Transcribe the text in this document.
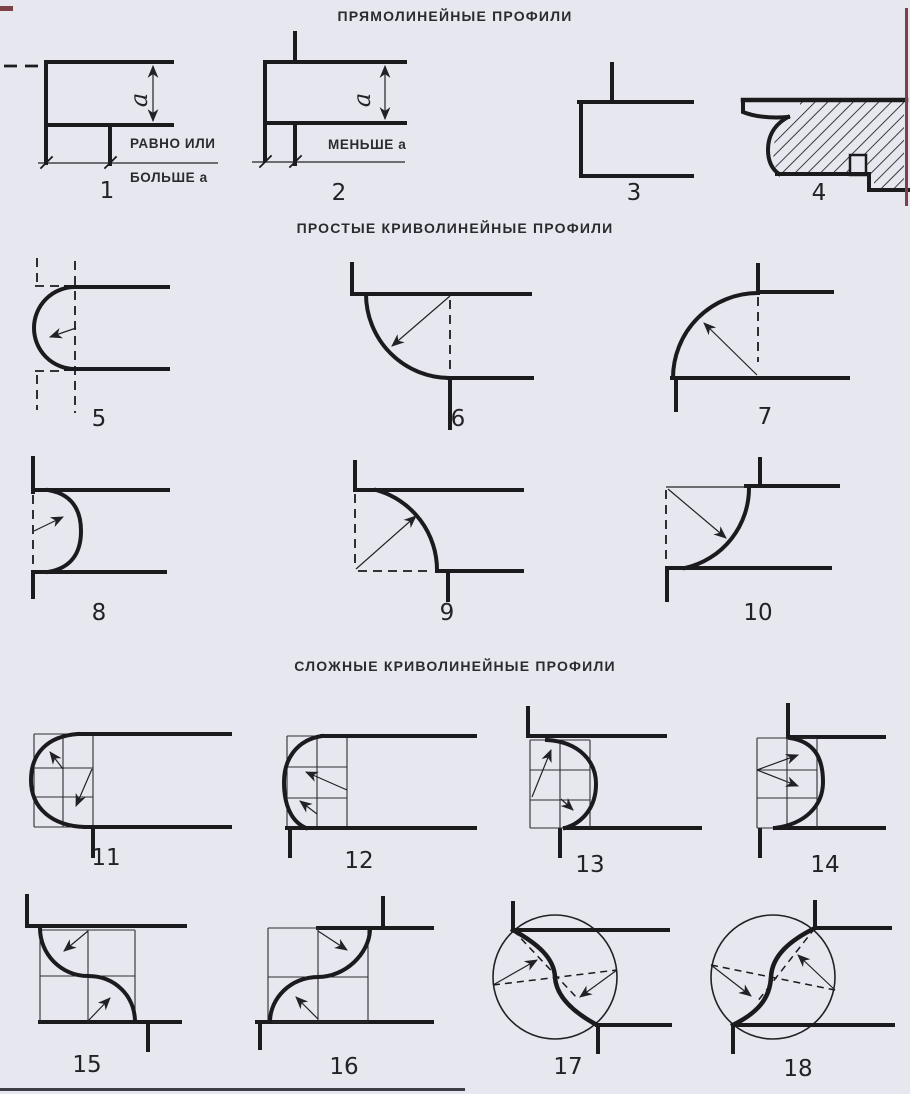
ПРЯМОЛИНЕЙНЫЕ ПРОФИЛИ
ПРОСТЫЕ КРИВОЛИНЕЙНЫЕ ПРОФИЛИ
СЛОЖНЫЕ КРИВОЛИНЕЙНЫЕ ПРОФИЛИ
РАВНО ИЛИ
БОЛЬШЕ а
МЕНЬШЕ а
а	а
1	2	3	4
5	6	7
8	9	10
11	12	13	14
15	16	17	18
